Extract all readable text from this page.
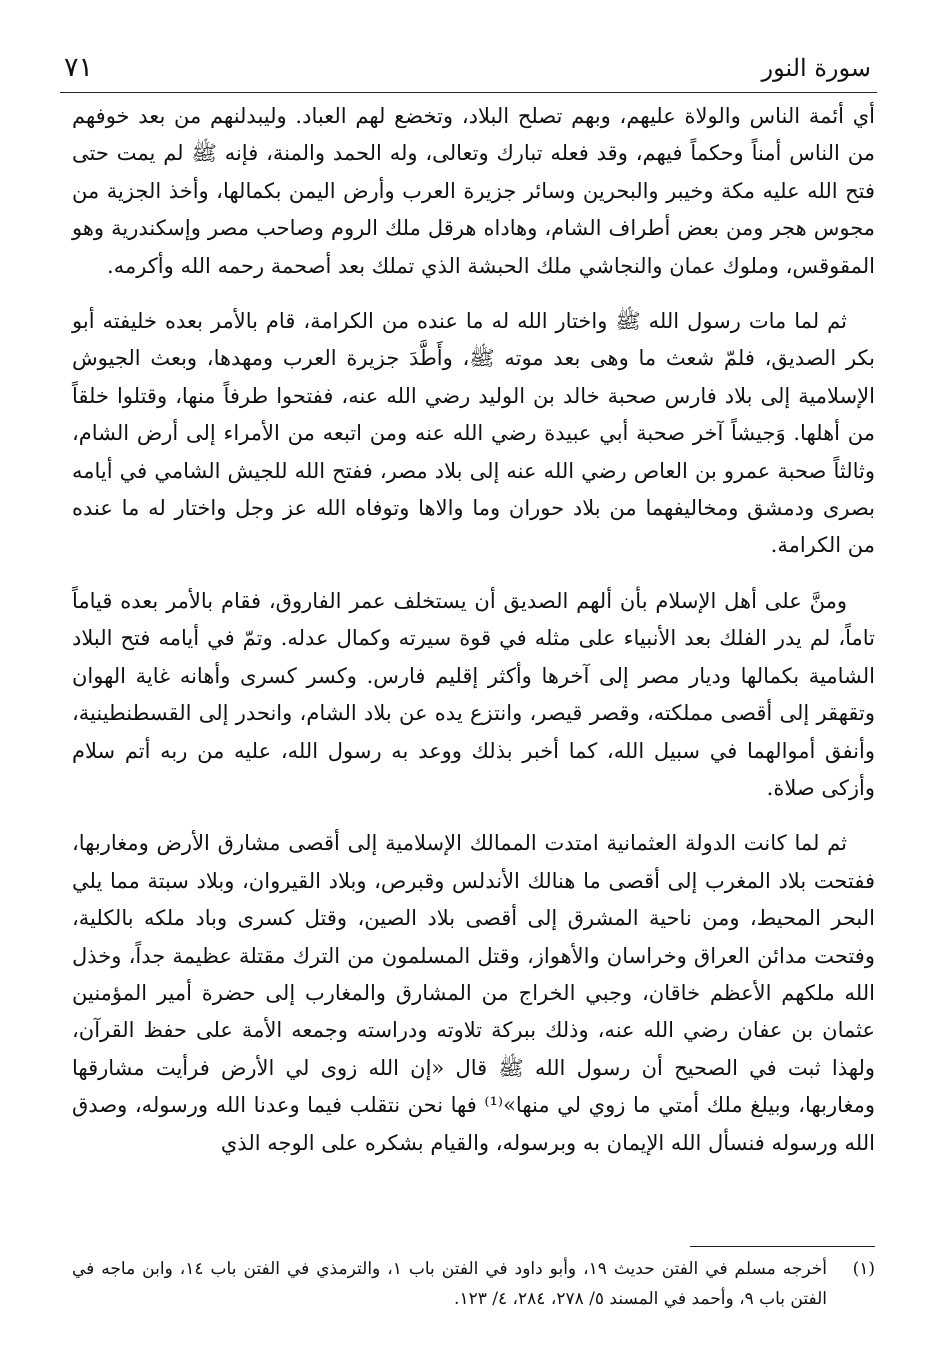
سورة النور
٧١

أي أئمة الناس والولاة عليهم، وبهم تصلح البلاد، وتخضع لهم العباد. وليبدلنهم من بعد خوفهم من الناس أمناً وحكماً فيهم، وقد فعله تبارك وتعالى، وله الحمد والمنة، فإنه ﷺ لم يمت حتى فتح الله عليه مكة وخيبر والبحرين وسائر جزيرة العرب وأرض اليمن بكمالها، وأخذ الجزية من مجوس هجر ومن بعض أطراف الشام، وهاداه هرقل ملك الروم وصاحب مصر وإسكندرية وهو المقوقس، وملوك عمان والنجاشي ملك الحبشة الذي تملك بعد أصحمة رحمه الله وأكرمه.

ثم لما مات رسول الله ﷺ واختار الله له ما عنده من الكرامة، قام بالأمر بعده خليفته أبو بكر الصديق، فلمّ شعث ما وهى بعد موته ﷺ، وأَطَّدَ جزيرة العرب ومهدها، وبعث الجيوش الإسلامية إلى بلاد فارس صحبة خالد بن الوليد رضي الله عنه، ففتحوا طرفاً منها، وقتلوا خلقاً من أهلها. وَجيشاً آخر صحبة أبي عبيدة رضي الله عنه ومن اتبعه من الأمراء إلى أرض الشام، وثالثاً صحبة عمرو بن العاص رضي الله عنه إلى بلاد مصر، ففتح الله للجيش الشامي في أيامه بصرى ودمشق ومخاليفهما من بلاد حوران وما والاها وتوفاه الله عز وجل واختار له ما عنده من الكرامة.

ومنَّ على أهل الإسلام بأن ألهم الصديق أن يستخلف عمر الفاروق، فقام بالأمر بعده قياماً تاماً، لم يدر الفلك بعد الأنبياء على مثله في قوة سيرته وكمال عدله. وتمّ في أيامه فتح البلاد الشامية بكمالها وديار مصر إلى آخرها وأكثر إقليم فارس. وكسر كسرى وأهانه غاية الهوان وتقهقر إلى أقصى مملكته، وقصر قيصر، وانتزع يده عن بلاد الشام، وانحدر إلى القسطنطينية، وأنفق أموالهما في سبيل الله، كما أخبر بذلك ووعد به رسول الله، عليه من ربه أتم سلام وأزكى صلاة.

ثم لما كانت الدولة العثمانية امتدت الممالك الإسلامية إلى أقصى مشارق الأرض ومغاربها، ففتحت بلاد المغرب إلى أقصى ما هنالك الأندلس وقبرص، وبلاد القيروان، وبلاد سبتة مما يلي البحر المحيط، ومن ناحية المشرق إلى أقصى بلاد الصين، وقتل كسرى وباد ملكه بالكلية، وفتحت مدائن العراق وخراسان والأهواز، وقتل المسلمون من الترك مقتلة عظيمة جداً، وخذل الله ملكهم الأعظم خاقان، وجبي الخراج من المشارق والمغارب إلى حضرة أمير المؤمنين عثمان بن عفان رضي الله عنه، وذلك ببركة تلاوته ودراسته وجمعه الأمة على حفظ القرآن، ولهذا ثبت في الصحيح أن رسول الله ﷺ قال «إن الله زوى لي الأرض فرأيت مشارقها ومغاربها، وبيلغ ملك أمتي ما زوي لي منها»⁽¹⁾ فها نحن نتقلب فيما وعدنا الله ورسوله، وصدق الله ورسوله فنسأل الله الإيمان به وبرسوله، والقيام بشكره على الوجه الذي

(١)
أخرجه مسلم في الفتن حديث ١٩، وأبو داود في الفتن باب ١، والترمذي في الفتن باب ١٤، وابن ماجه في الفتن باب ٩، وأحمد في المسند ٥/ ٢٧٨، ٢٨٤، ٤/ ١٢٣.
